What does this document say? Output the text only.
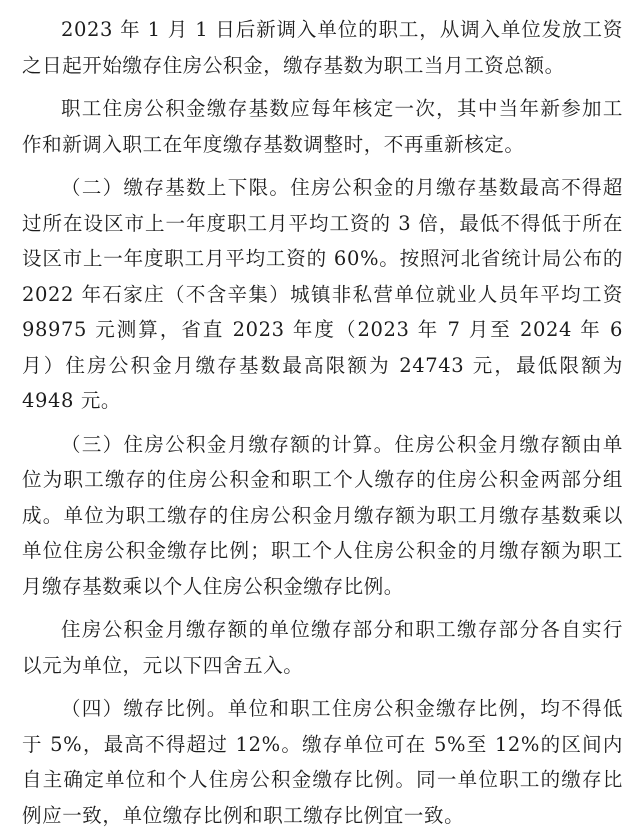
2023 年 1 月 1 日后新调入单位的职工，从调入单位发放工资之日起开始缴存住房公积金，缴存基数为职工当月工资总额。

职工住房公积金缴存基数应每年核定一次，其中当年新参加工作和新调入职工在年度缴存基数调整时，不再重新核定。

（二）缴存基数上下限。住房公积金的月缴存基数最高不得超过所在设区市上一年度职工月平均工资的 3 倍，最低不得低于所在设区市上一年度职工月平均工资的 60%。按照河北省统计局公布的 2022 年石家庄（不含辛集）城镇非私营单位就业人员年平均工资 98975 元测算，省直 2023 年度（2023 年 7 月至 2024 年 6 月）住房公积金月缴存基数最高限额为 24743 元，最低限额为 4948 元。

（三）住房公积金月缴存额的计算。住房公积金月缴存额由单位为职工缴存的住房公积金和职工个人缴存的住房公积金两部分组成。单位为职工缴存的住房公积金月缴存额为职工月缴存基数乘以单位住房公积金缴存比例；职工个人住房公积金的月缴存额为职工月缴存基数乘以个人住房公积金缴存比例。

住房公积金月缴存额的单位缴存部分和职工缴存部分各自实行以元为单位，元以下四舍五入。

（四）缴存比例。单位和职工住房公积金缴存比例，均不得低于 5%，最高不得超过 12%。缴存单位可在 5%至 12%的区间内自主确定单位和个人住房公积金缴存比例。同一单位职工的缴存比例应一致，单位缴存比例和职工缴存比例宜一致。
